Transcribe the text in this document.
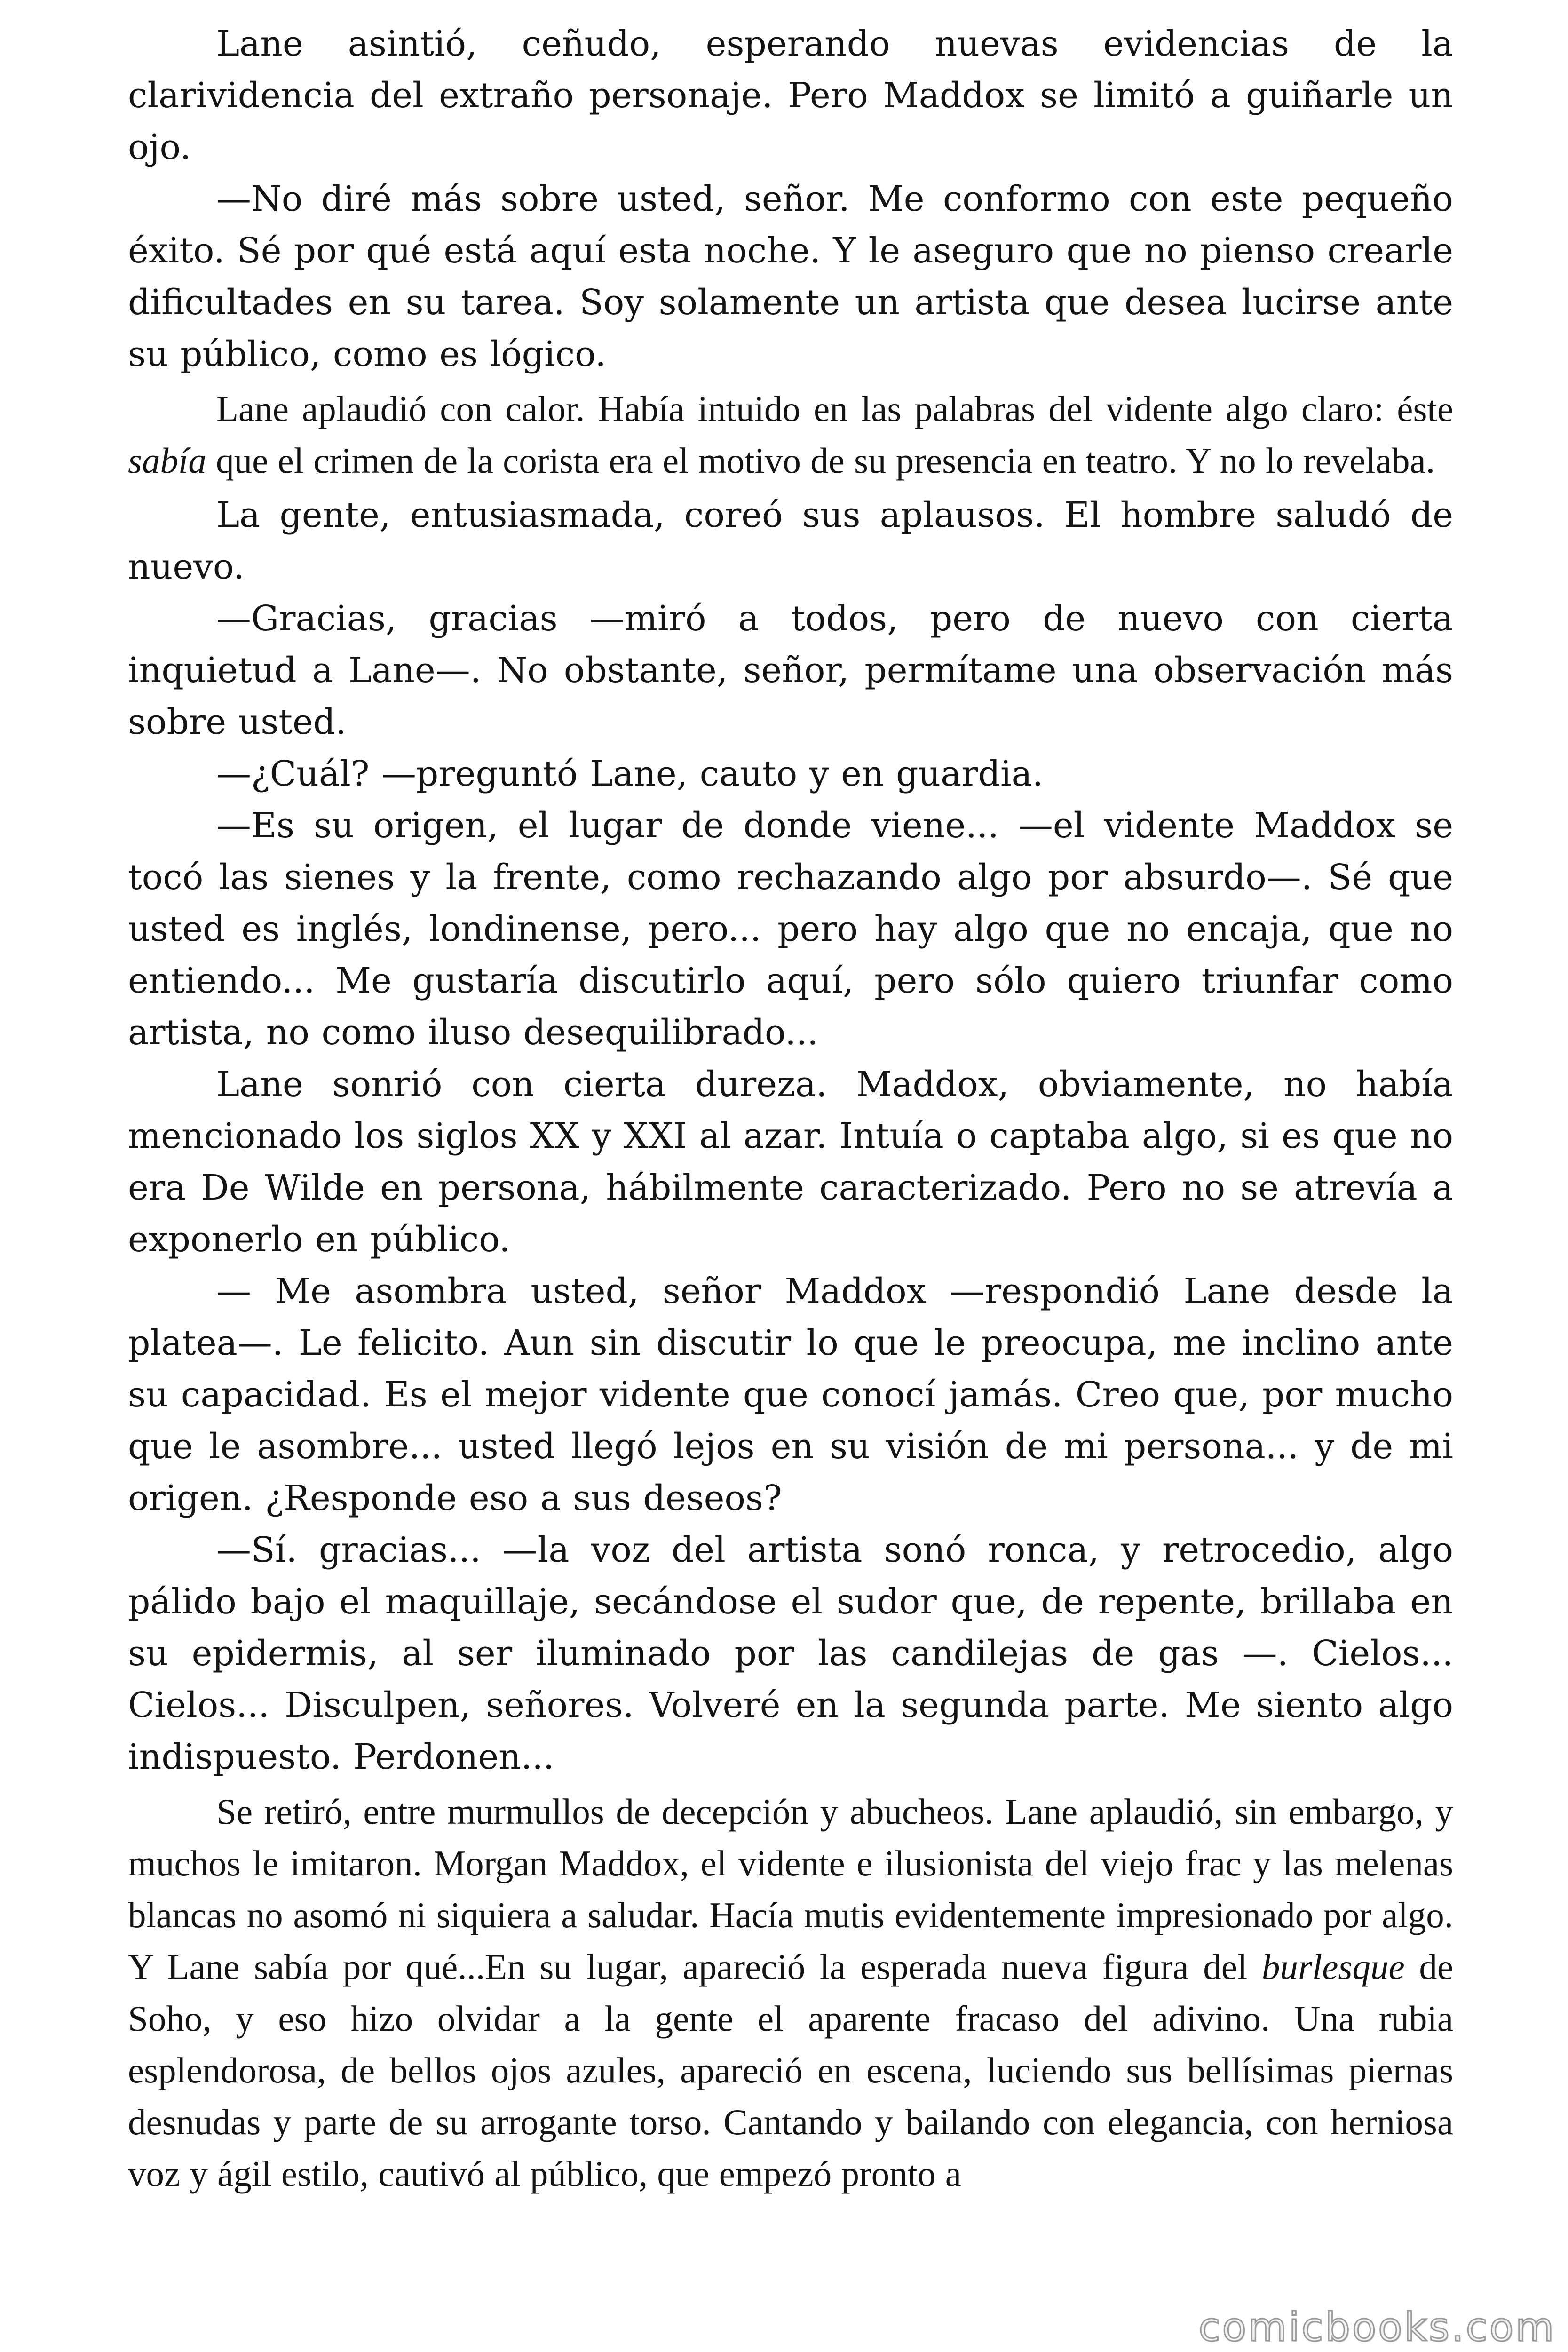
Lane asintió, ceñudo, esperando nuevas evidencias de la clarividencia del extraño personaje. Pero Maddox se limitó a guiñarle un ojo.

—No diré más sobre usted, señor. Me conformo con este pequeño éxito. Sé por qué está aquí esta noche. Y le aseguro que no pienso crearle dificultades en su tarea. Soy solamente un artista que desea lucirse ante su público, como es lógico.

Lane aplaudió con calor. Había intuido en las palabras del vidente algo claro: éste sabía que el crimen de la corista era el motivo de su presencia en teatro. Y no lo revelaba.

La gente, entusiasmada, coreó sus aplausos. El hombre saludó de nuevo.

—Gracias, gracias —miró a todos, pero de nuevo con cierta inquietud a Lane—. No obstante, señor, permítame una observación más sobre usted.

—¿Cuál? —preguntó Lane, cauto y en guardia.

—Es su origen, el lugar de donde viene... —el vidente Maddox se tocó las sienes y la frente, como rechazando algo por absurdo—. Sé que usted es inglés, londinense, pero... pero hay algo que no encaja, que no entiendo... Me gustaría discutirlo aquí, pero sólo quiero triunfar como artista, no como iluso desequilibrado...

Lane sonrió con cierta dureza. Maddox, obviamente, no había mencionado los siglos XX y XXI al azar. Intuía o captaba algo, si es que no era De Wilde en persona, hábilmente caracterizado. Pero no se atrevía a exponerlo en público.

— Me asombra usted, señor Maddox —respondió Lane desde la platea—. Le felicito. Aun sin discutir lo que le preocupa, me inclino ante su capacidad. Es el mejor vidente que conocí jamás. Creo que, por mucho que le asombre... usted llegó lejos en su visión de mi persona... y de mi origen. ¿Responde eso a sus deseos?

—Sí. gracias... —la voz del artista sonó ronca, y retrocedio, algo pálido bajo el maquillaje, secándose el sudor que, de repente, brillaba en su epidermis, al ser iluminado por las candilejas de gas —. Cielos... Cielos... Disculpen, señores. Volveré en la segunda parte. Me siento algo indispuesto. Perdonen...

Se retiró, entre murmullos de decepción y abucheos. Lane aplaudió, sin embargo, y muchos le imitaron. Morgan Maddox, el vidente e ilusionista del viejo frac y las melenas blancas no asomó ni siquiera a saludar. Hacía mutis evidentemente impresionado por algo. Y Lane sabía por qué...En su lugar, apareció la esperada nueva figura del burlesque de Soho, y eso hizo olvidar a la gente el aparente fracaso del adivino. Una rubia esplendorosa, de bellos ojos azules, apareció en escena, luciendo sus bellísimas piernas desnudas y parte de su arrogante torso. Cantando y bailando con elegancia, con herniosa voz y ágil estilo, cautivó al público, que empezó pronto a

comicbooks.com
